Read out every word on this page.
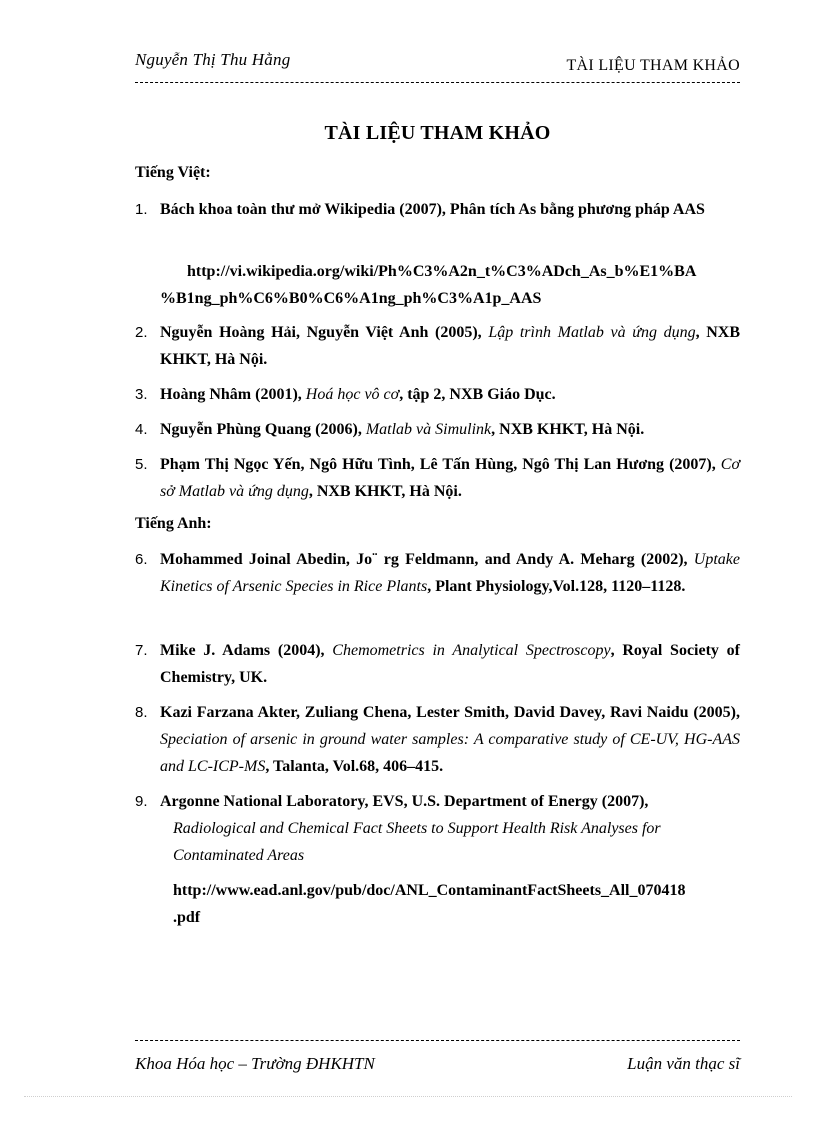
Nguyễn Thị Thu Hằng	TÀI LIỆU THAM KHẢO
TÀI LIỆU THAM KHẢO
Tiếng Việt:
1. Bách khoa toàn thư mở Wikipedia (2007), Phân tích As bằng phương pháp AAS
http://vi.wikipedia.org/wiki/Ph%C3%A2n_t%C3%ADch_As_b%E1%BA
%B1ng_ph%C6%B0%C6%A1ng_ph%C3%A1p_AAS
2. Nguyễn Hoàng Hải, Nguyễn Việt Anh (2005), Lập trình Matlab và ứng dụng, NXB KHKT, Hà Nội.
3. Hoàng Nhâm (2001), Hoá học vô cơ, tập 2, NXB Giáo Dục.
4. Nguyễn Phùng Quang (2006), Matlab và Simulink, NXB KHKT, Hà Nội.
5. Phạm Thị Ngọc Yến, Ngô Hữu Tình, Lê Tấn Hùng, Ngô Thị Lan Hương (2007), Cơ sở Matlab và ứng dụng, NXB KHKT, Hà Nội.
Tiếng Anh:
6. Mohammed Joinal Abedin, Jo¨ rg Feldmann, and Andy A. Meharg (2002), Uptake Kinetics of Arsenic Species in Rice Plants, Plant Physiology,Vol.128, 1120–1128.
7. Mike J. Adams (2004), Chemometrics in Analytical Spectroscopy, Royal Society of Chemistry, UK.
8. Kazi Farzana Akter, Zuliang Chena, Lester Smith, David Davey, Ravi Naidu (2005), Speciation of arsenic in ground water samples: A comparative study of CE-UV, HG-AAS and LC-ICP-MS, Talanta, Vol.68, 406–415.
9. Argonne National Laboratory, EVS, U.S. Department of Energy (2007),
Radiological and Chemical Fact Sheets to Support Health Risk Analyses for Contaminated Areas
http://www.ead.anl.gov/pub/doc/ANL_ContaminantFactSheets_All_070418
.pdf
Khoa Hóa học – Trường ĐHKHTN	Luận văn thạc sĩ
